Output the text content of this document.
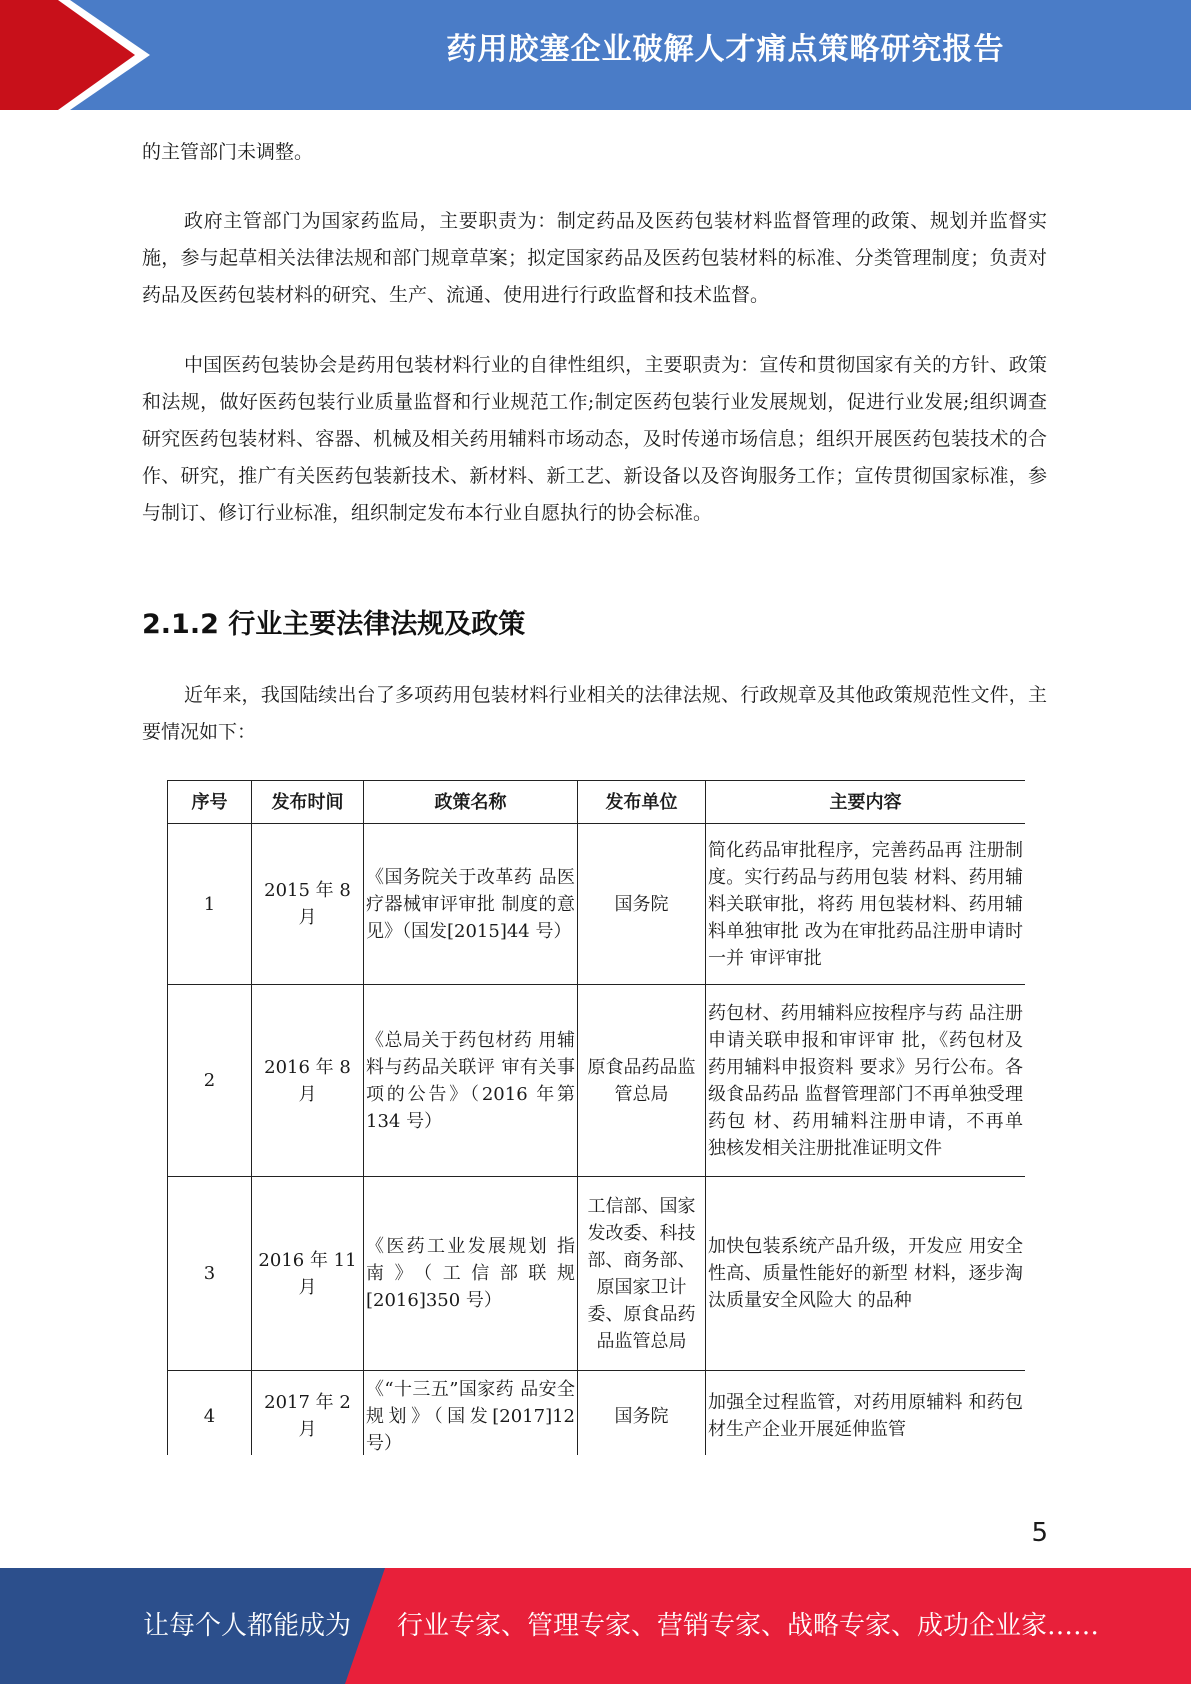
药用胶塞企业破解人才痛点策略研究报告

的主管部门未调整。

政府主管部门为国家药监局，主要职责为：制定药品及医药包装材料监督管理的政策、规划并监督实施，参与起草相关法律法规和部门规章草案；拟定国家药品及医药包装材料的标准、分类管理制度；负责对药品及医药包装材料的研究、生产、流通、使用进行行政监督和技术监督。

中国医药包装协会是药用包装材料行业的自律性组织，主要职责为：宣传和贯彻国家有关的方针、政策和法规，做好医药包装行业质量监督和行业规范工作;制定医药包装行业发展规划，促进行业发展;组织调查研究医药包装材料、容器、机械及相关药用辅料市场动态，及时传递市场信息；组织开展医药包装技术的合作、研究，推广有关医药包装新技术、新材料、新工艺、新设备以及咨询服务工作；宣传贯彻国家标准，参与制订、修订行业标准，组织制定发布本行业自愿执行的协会标准。

2.1.2 行业主要法律法规及政策

近年来，我国陆续出台了多项药用包装材料行业相关的法律法规、行政规章及其他政策规范性文件，主要情况如下：

序号	发布时间	政策名称	发布单位	主要内容
1	2015 年 8 月	《国务院关于改革药 品医疗器械审评审批 制度的意见》（国发[2015]44 号）	国务院	简化药品审批程序，完善药品再 注册制度。实行药品与药用包装 材料、药用辅料关联审批，将药 用包装材料、药用辅料单独审批 改为在审批药品注册申请时一并 审评审批
2	2016 年 8 月	《总局关于药包材药 用辅料与药品关联评 审有关事项的公告》（2016 年第 134 号）	原食品药品监管总局	药包材、药用辅料应按程序与药 品注册申请关联申报和审评审 批，《药包材及药用辅料申报资料 要求》另行公布。各级食品药品 监督管理部门不再单独受理药包 材、药用辅料注册申请，不再单 独核发相关注册批准证明文件
3	2016 年 11 月	《医药工业发展规划 指南》（工信部联规[2016]350 号）	工信部、国家发改委、科技部、商务部、原国家卫计委、原食品药品监管总局	加快包装系统产品升级，开发应 用安全性高、质量性能好的新型 材料，逐步淘汰质量安全风险大 的品种
4	2017 年 2 月	《“十三五”国家药 品安全规划》（国发[2017]12 号）	国务院	加强全过程监管，对药用原辅料 和药包材生产企业开展延伸监管
5
让每个人都能成为 行业专家、管理专家、营销专家、战略专家、成功企业家……
